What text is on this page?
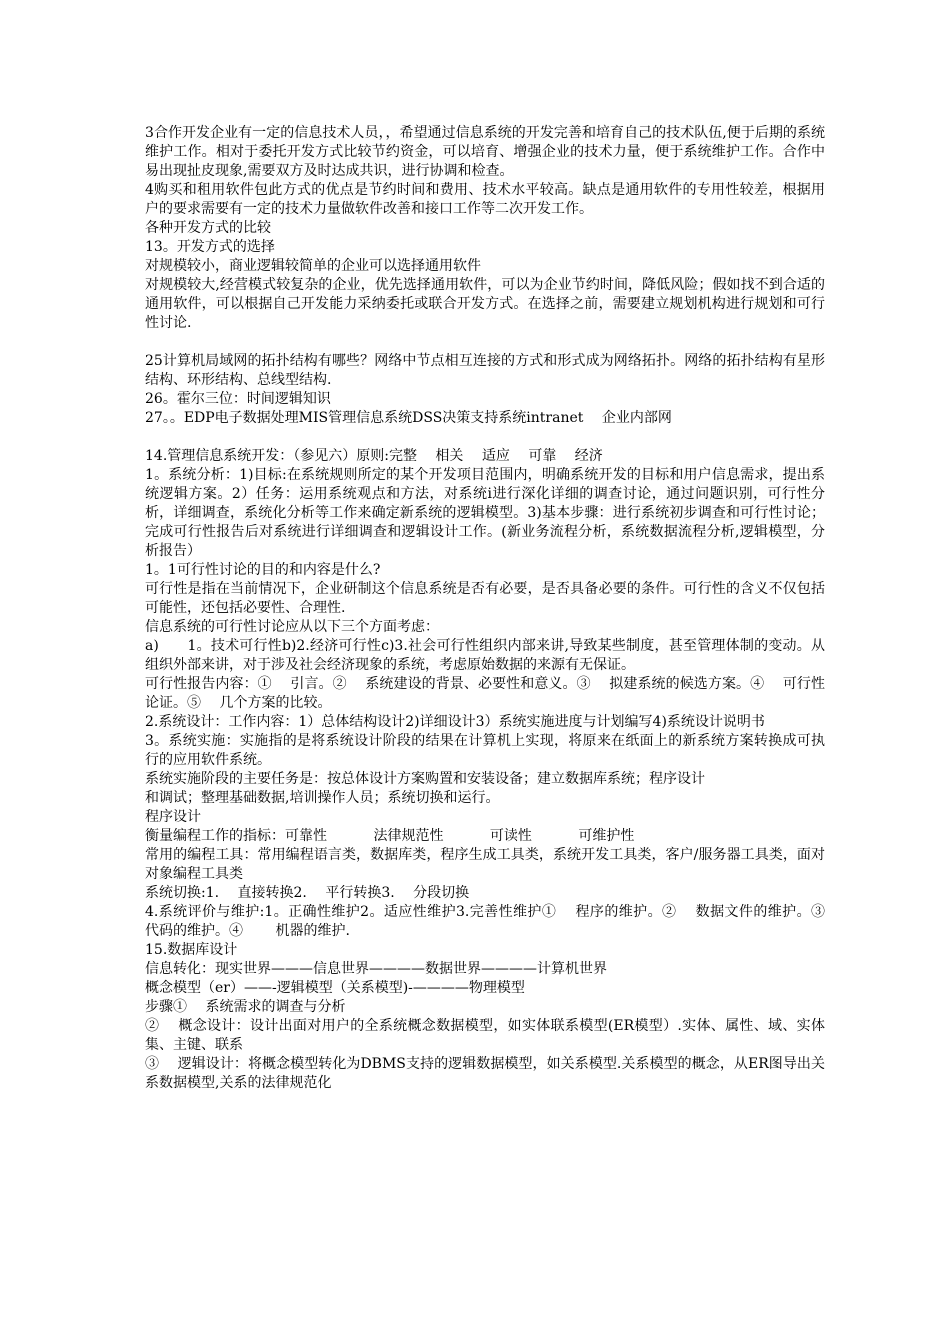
3合作开发企业有一定的信息技术人员，，希望通过信息系统的开发完善和培育自己的技术队伍,便于后期的系统维护工作。相对于委托开发方式比较节约资金，可以培育、增强企业的技术力量，便于系统维护工作。合作中易出现扯皮现象,需要双方及时达成共识，进行协调和检查。

4购买和租用软件包此方式的优点是节约时间和费用、技术水平较高。缺点是通用软件的专用性较差，根据用户的要求需要有一定的技术力量做软件改善和接口工作等二次开发工作。

各种开发方式的比较

13。开发方式的选择

对规模较小，商业逻辑较简单的企业可以选择通用软件

对规模较大,经营模式较复杂的企业，优先选择通用软件，可以为企业节约时间，降低风险；假如找不到合适的通用软件，可以根据自己开发能力采纳委托或联合开发方式。在选择之前，需要建立规划机构进行规划和可行性讨论.

25计算机局域网的拓扑结构有哪些？网络中节点相互连接的方式和形式成为网络拓扑。网络的拓扑结构有星形结构、环形结构、总线型结构.

26。霍尔三位：时间逻辑知识

27。。EDP电子数据处理MIS管理信息系统DSS决策支持系统intranet　 企业内部网

14.管理信息系统开发：（参见六）原则:完整　 相关　 适应　 可靠　 经济

1。系统分析：1)目标:在系统规则所定的某个开发项目范围内，明确系统开发的目标和用户信息需求，提出系统逻辑方案。2）任务：运用系统观点和方法，对系统i进行深化详细的调查讨论，通过问题识别，可行性分析，详细调查，系统化分析等工作来确定新系统的逻辑模型。3)基本步骤：进行系统初步调查和可行性讨论；完成可行性报告后对系统进行详细调查和逻辑设计工作。(新业务流程分析，系统数据流程分析,逻辑模型，分析报告）

1。1可行性讨论的目的和内容是什么?

可行性是指在当前情况下，企业研制这个信息系统是否有必要，是否具备必要的条件。可行性的含义不仅包括可能性，还包括必要性、合理性.

信息系统的可行性讨论应从以下三个方面考虑：

a)　　1。技术可行性b)2.经济可行性c)3.社会可行性组织内部来讲,导致某些制度，甚至管理体制的变动。从组织外部来讲，对于涉及社会经济现象的系统，考虑原始数据的来源有无保证。

可行性报告内容：①　 引言。②　 系统建设的背景、必要性和意义。③　 拟建系统的候选方案。④　 可行性论证。⑤　 几个方案的比较。

2.系统设计：工作内容：1）总体结构设计2)详细设计3）系统实施进度与计划编写4)系统设计说明书

3。系统实施：实施指的是将系统设计阶段的结果在计算机上实现，将原来在纸面上的新系统方案转换成可执行的应用软件系统。

系统实施阶段的主要任务是：按总体设计方案购置和安装设备；建立数据库系统；程序设计

和调试；整理基础数据,培训操作人员；系统切换和运行。

程序设计

衡量编程工作的指标：可靠性　　　 法律规范性　　　 可读性　　　 可维护性

常用的编程工具：常用编程语言类，数据库类，程序生成工具类，系统开发工具类，客户/服务器工具类，面对对象编程工具类

系统切换:1.　 直接转换2.　 平行转换3.　 分段切换

4.系统评价与维护:1。正确性维护2。适应性维护3.完善性维护①　 程序的维护。②　 数据文件的维护。③　 代码的维护。④　　 机器的维护.

15.数据库设计

信息转化：现实世界———信息世界————数据世界————计算机世界

概念模型（er）——-逻辑模型（关系模型)-————物理模型

步骤①　 系统需求的调查与分析

②　 概念设计：设计出面对用户的全系统概念数据模型，如实体联系模型(ER模型）.实体、属性、域、实体集、主键、联系

③　 逻辑设计：将概念模型转化为DBMS支持的逻辑数据模型，如关系模型.关系模型的概念，从ER图导出关系数据模型,关系的法律规范化
